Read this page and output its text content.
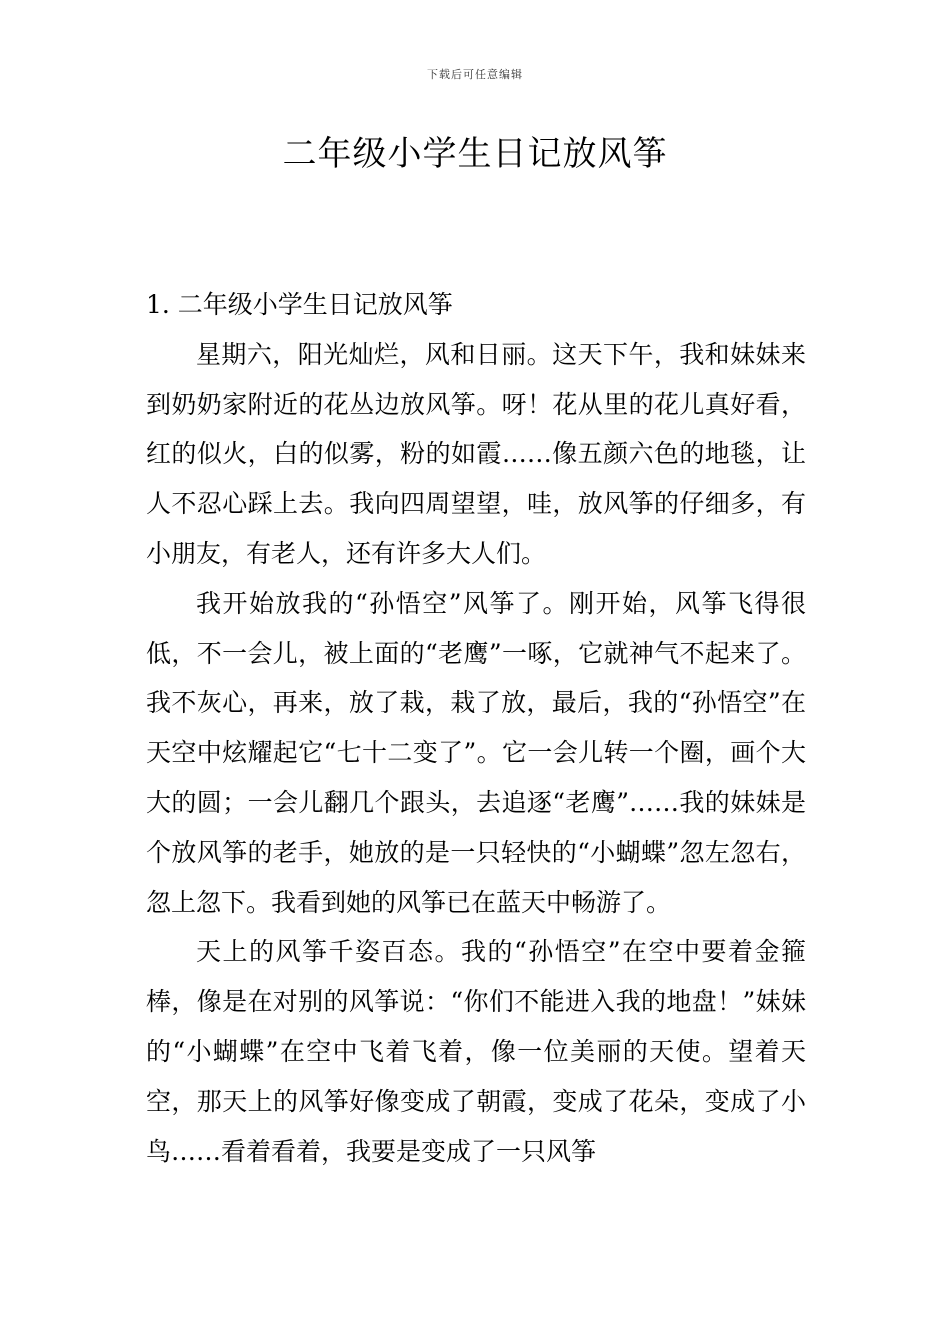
下载后可任意编辑
二年级小学生日记放风筝

1. 二年级小学生日记放风筝

星期六，阳光灿烂，风和日丽。这天下午，我和妹妹来到奶奶家附近的花丛边放风筝。呀！花从里的花儿真好看，红的似火，白的似雾，粉的如霞……像五颜六色的地毯，让人不忍心踩上去。我向四周望望，哇，放风筝的仔细多，有小朋友，有老人，还有许多大人们。

我开始放我的“孙悟空”风筝了。刚开始，风筝飞得很低，不一会儿，被上面的“老鹰”一啄，它就神气不起来了。我不灰心，再来，放了栽，栽了放，最后，我的“孙悟空”在天空中炫耀起它“七十二变了”。它一会儿转一个圈，画个大大的圆；一会儿翻几个跟头，去追逐“老鹰”……我的妹妹是个放风筝的老手，她放的是一只轻快的“小蝴蝶”忽左忽右，忽上忽下。我看到她的风筝已在蓝天中畅游了。

天上的风筝千姿百态。我的“孙悟空”在空中要着金箍棒，像是在对别的风筝说：“你们不能进入我的地盘！”妹妹的“小蝴蝶”在空中飞着飞着，像一位美丽的天使。望着天空，那天上的风筝好像变成了朝霞，变成了花朵，变成了小鸟……看着看着，我要是变成了一只风筝
